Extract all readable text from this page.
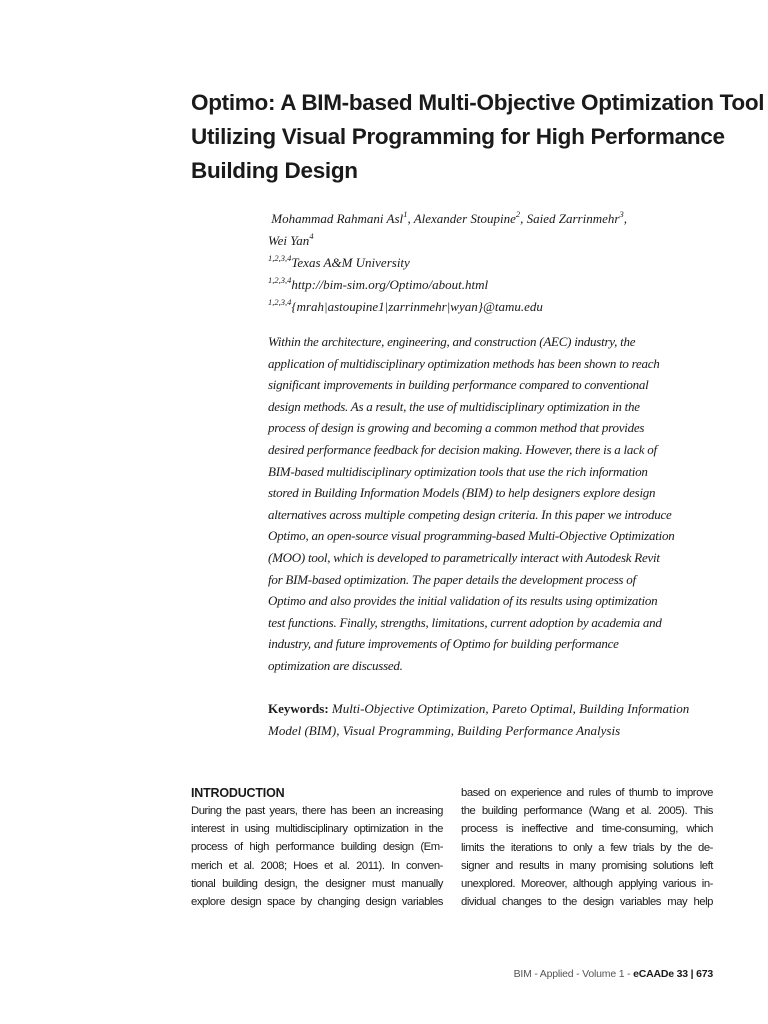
Optimo: A BIM-based Multi-Objective Optimization Tool
Utilizing Visual Programming for High Performance
Building Design
Mohammad Rahmani Asl$^1$, Alexander Stoupine$^2$, Saied Zarrinmehr$^3$,
Wei Yan$^4$
$^{1,2,3,4}$Texas A&M University
$^{1,2,3,4}$http://bim-sim.org/Optimo/about.html
$^{1,2,3,4}${mrah|astoupine1|zarrinmehr|wyan}@tamu.edu
Within the architecture, engineering, and construction (AEC) industry, the
application of multidisciplinary optimization methods has been shown to reach
significant improvements in building performance compared to conventional
design methods. As a result, the use of multidisciplinary optimization in the
process of design is growing and becoming a common method that provides
desired performance feedback for decision making. However, there is a lack of
BIM-based multidisciplinary optimization tools that use the rich information
stored in Building Information Models (BIM) to help designers explore design
alternatives across multiple competing design criteria. In this paper we introduce
Optimo, an open-source visual programming-based Multi-Objective Optimization
(MOO) tool, which is developed to parametrically interact with Autodesk Revit
for BIM-based optimization. The paper details the development process of
Optimo and also provides the initial validation of its results using optimization
test functions. Finally, strengths, limitations, current adoption by academia and
industry, and future improvements of Optimo for building performance
optimization are discussed.
Keywords: Multi-Objective Optimization, Pareto Optimal, Building Information
Model (BIM), Visual Programming, Building Performance Analysis
INTRODUCTION
During the past years, there has been an increasing
interest in using multidisciplinary optimization in the
process of high performance building design (Em-
merich et al. 2008; Hoes et al. 2011). In conven-
tional building design, the designer must manually
explore design space by changing design variables
based on experience and rules of thumb to improve
the building performance (Wang et al. 2005). This
process is ineffective and time-consuming, which
limits the iterations to only a few trials by the de-
signer and results in many promising solutions left
unexplored. Moreover, although applying various in-
dividual changes to the design variables may help
BIM - Applied - Volume 1 - eCAADe 33 | 673
